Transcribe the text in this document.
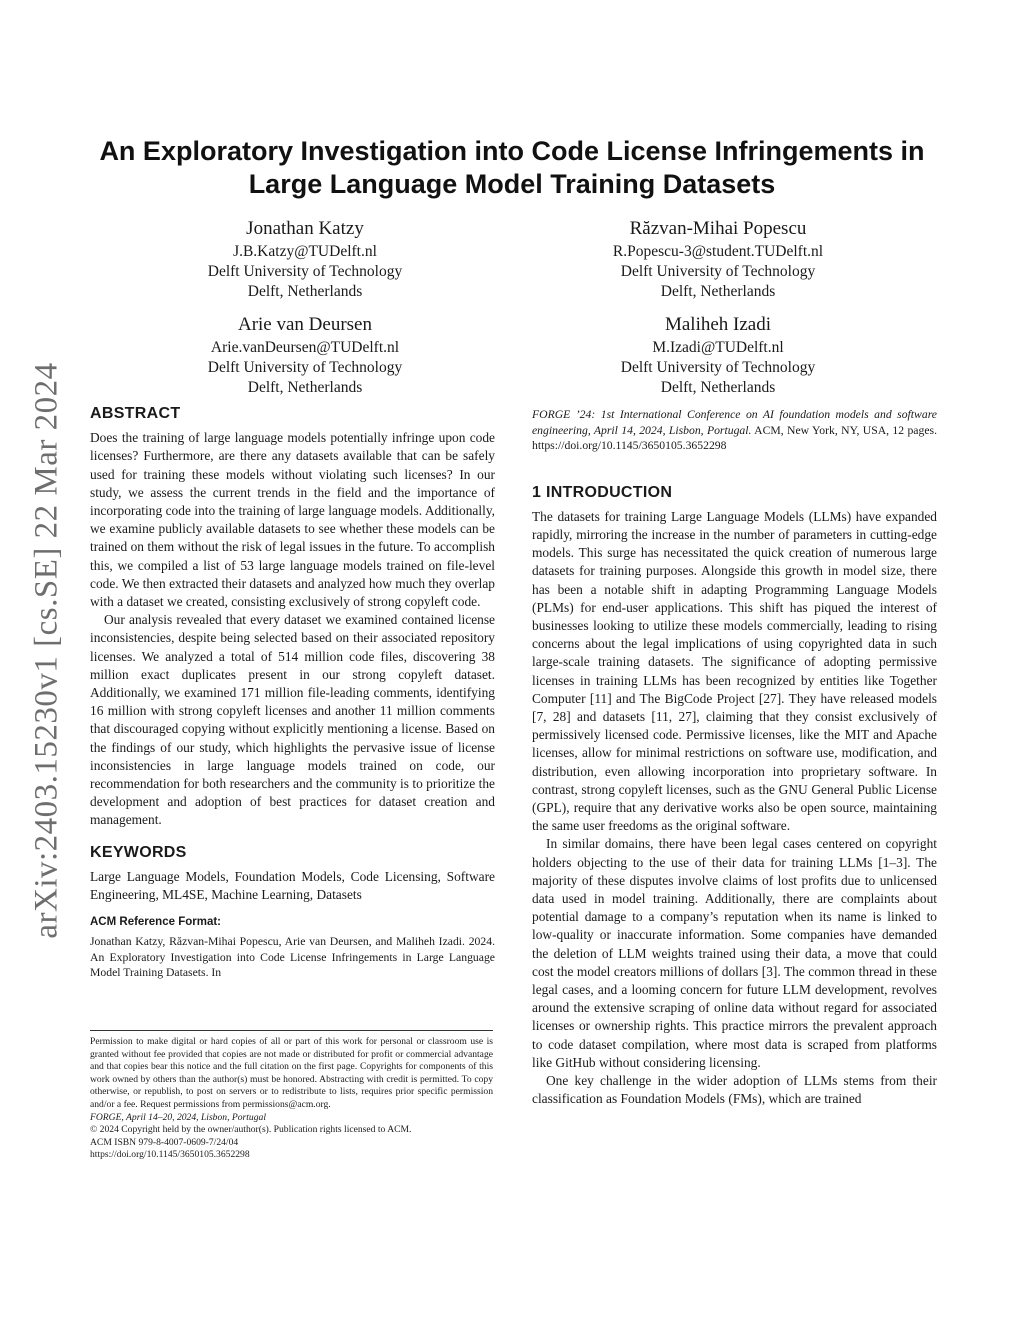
arXiv:2403.15230v1 [cs.SE] 22 Mar 2024
An Exploratory Investigation into Code License Infringements in
Large Language Model Training Datasets
Jonathan Katzy
J.B.Katzy@TUDelft.nl
Delft University of Technology
Delft, Netherlands
Răzvan-Mihai Popescu
R.Popescu-3@student.TUDelft.nl
Delft University of Technology
Delft, Netherlands
Arie van Deursen
Arie.vanDeursen@TUDelft.nl
Delft University of Technology
Delft, Netherlands
Maliheh Izadi
M.Izadi@TUDelft.nl
Delft University of Technology
Delft, Netherlands
ABSTRACT

Does the training of large language models potentially infringe upon code licenses? Furthermore, are there any datasets available that can be safely used for training these models without violating such licenses? In our study, we assess the current trends in the field and the importance of incorporating code into the training of large language models. Additionally, we examine publicly available datasets to see whether these models can be trained on them without the risk of legal issues in the future. To accomplish this, we compiled a list of 53 large language models trained on file-level code. We then extracted their datasets and analyzed how much they overlap with a dataset we created, consisting exclusively of strong copyleft code.

Our analysis revealed that every dataset we examined contained license inconsistencies, despite being selected based on their associated repository licenses. We analyzed a total of 514 million code files, discovering 38 million exact duplicates present in our strong copyleft dataset. Additionally, we examined 171 million file-leading comments, identifying 16 million with strong copyleft licenses and another 11 million comments that discouraged copying without explicitly mentioning a license. Based on the findings of our study, which highlights the pervasive issue of license inconsistencies in large language models trained on code, our recommendation for both researchers and the community is to prioritize the development and adoption of best practices for dataset creation and management.

KEYWORDS

Large Language Models, Foundation Models, Code Licensing, Software Engineering, ML4SE, Machine Learning, Datasets

ACM Reference Format:

Jonathan Katzy, Răzvan-Mihai Popescu, Arie van Deursen, and Maliheh Izadi. 2024. An Exploratory Investigation into Code License Infringements in Large Language Model Training Datasets. In

Permission to make digital or hard copies of all or part of this work for personal or classroom use is granted without fee provided that copies are not made or distributed for profit or commercial advantage and that copies bear this notice and the full citation on the first page. Copyrights for components of this work owned by others than the author(s) must be honored. Abstracting with credit is permitted. To copy otherwise, or republish, to post on servers or to redistribute to lists, requires prior specific permission and/or a fee. Request permissions from permissions@acm.org.

FORGE, April 14–20, 2024, Lisbon, Portugal

© 2024 Copyright held by the owner/author(s). Publication rights licensed to ACM.

ACM ISBN 979-8-4007-0609-7/24/04

https://doi.org/10.1145/3650105.3652298

FORGE ’24: 1st International Conference on AI foundation models and software engineering, April 14, 2024, Lisbon, Portugal. ACM, New York, NY, USA, 12 pages. https://doi.org/10.1145/3650105.3652298

1 INTRODUCTION

The datasets for training Large Language Models (LLMs) have expanded rapidly, mirroring the increase in the number of parameters in cutting-edge models. This surge has necessitated the quick creation of numerous large datasets for training purposes. Alongside this growth in model size, there has been a notable shift in adapting Programming Language Models (PLMs) for end-user applications. This shift has piqued the interest of businesses looking to utilize these models commercially, leading to rising concerns about the legal implications of using copyrighted data in such large-scale training datasets. The significance of adopting permissive licenses in training LLMs has been recognized by entities like Together Computer [11] and The BigCode Project [27]. They have released models [7, 28] and datasets [11, 27], claiming that they consist exclusively of permissively licensed code. Permissive licenses, like the MIT and Apache licenses, allow for minimal restrictions on software use, modification, and distribution, even allowing incorporation into proprietary software. In contrast, strong copyleft licenses, such as the GNU General Public License (GPL), require that any derivative works also be open source, maintaining the same user freedoms as the original software.

In similar domains, there have been legal cases centered on copyright holders objecting to the use of their data for training LLMs [1–3]. The majority of these disputes involve claims of lost profits due to unlicensed data used in model training. Additionally, there are complaints about potential damage to a company’s reputation when its name is linked to low-quality or inaccurate information. Some companies have demanded the deletion of LLM weights trained using their data, a move that could cost the model creators millions of dollars [3]. The common thread in these legal cases, and a looming concern for future LLM development, revolves around the extensive scraping of online data without regard for associated licenses or ownership rights. This practice mirrors the prevalent approach to code dataset compilation, where most data is scraped from platforms like GitHub without considering licensing.

One key challenge in the wider adoption of LLMs stems from their classification as Foundation Models (FMs), which are trained
